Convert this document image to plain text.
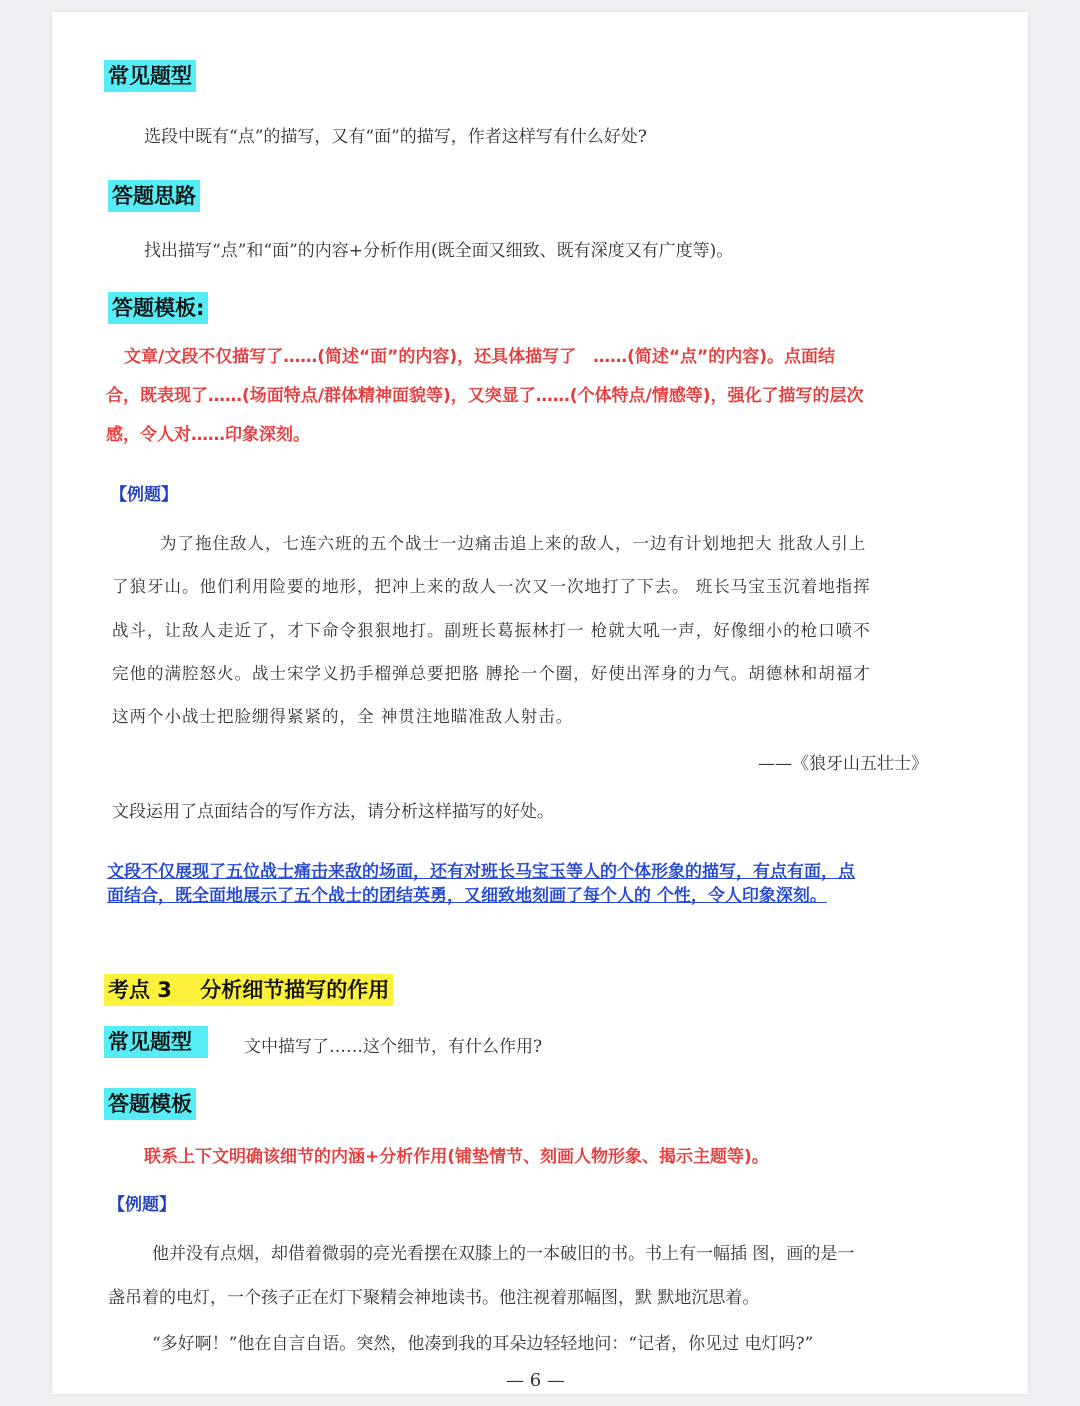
常见题型
选段中既有“点”的描写，又有“面”的描写，作者这样写有什么好处?
答题思路
找出描写“点”和“面”的内容+分析作用(既全面又细致、既有深度又有广度等)。
答题模板:
文章/文段不仅描写了……(简述“面”的内容)，还具体描写了　……(简述“点”的内容)。点面结
合，既表现了……(场面特点/群体精神面貌等)，又突显了……(个体特点/情感等)，强化了描写的层次
感，令人对……印象深刻。
【例题】
为了拖住敌人，七连六班的五个战士一边痛击追上来的敌人，一边有计划地把大 批敌人引上
了狼牙山。他们利用险要的地形，把冲上来的敌人一次又一次地打了下去。 班长马宝玉沉着地指挥
战斗，让敌人走近了，才下命令狠狠地打。副班长葛振林打一 枪就大吼一声，好像细小的枪口喷不
完他的满腔怒火。战士宋学义扔手榴弹总要把胳 膊抡一个圈，好使出浑身的力气。胡德林和胡福才
这两个小战士把脸绷得紧紧的，全 神贯注地瞄准敌人射击。
——《狼牙山五壮士》
文段运用了点面结合的写作方法，请分析这样描写的好处。
文段不仅展现了五位战士痛击来敌的场面，还有对班长马宝玉等人的个体形象的描写，有点有面，点
面结合，既全面地展示了五个战士的团结英勇，又细致地刻画了每个人的 个性，令人印象深刻。
考点 3　 分析细节描写的作用
常见题型	文中描写了……这个细节，有什么作用?
答题模板
联系上下文明确该细节的内涵+分析作用(铺垫情节、刻画人物形象、揭示主题等)。
【例题】
他并没有点烟，却借着微弱的亮光看摆在双膝上的一本破旧的书。书上有一幅插 图，画的是一
盏吊着的电灯，一个孩子正在灯下聚精会神地读书。他注视着那幅图，默 默地沉思着。
“多好啊！”他在自言自语。突然，他凑到我的耳朵边轻轻地问：“记者，你见过 电灯吗?”
— 6 —
